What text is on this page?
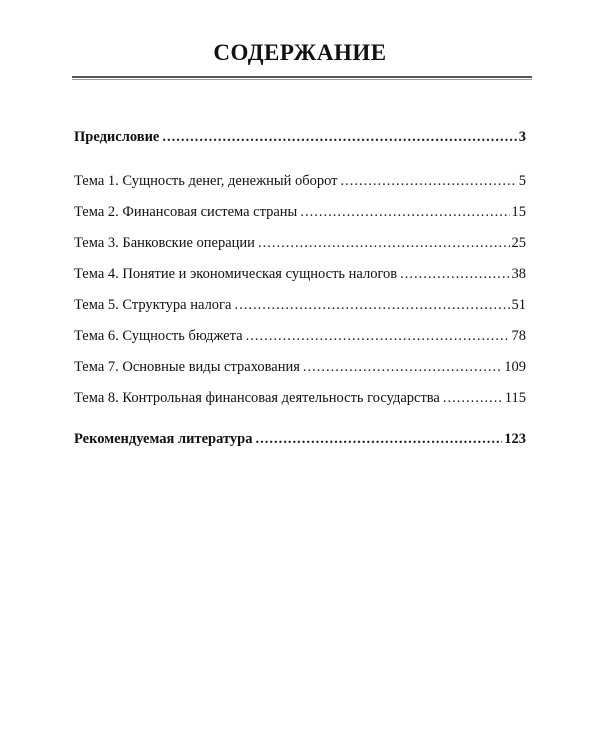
СОДЕРЖАНИЕ
Предисловие .....	3
Тема 1. Сущность денег, денежный оборот .....	5
Тема 2. Финансовая система страны .....	15
Тема 3. Банковские операции .....	25
Тема 4. Понятие и экономическая сущность налогов .....	38
Тема 5. Структура налога .....	51
Тема 6. Сущность бюджета .....	78
Тема 7. Основные виды страхования .....	109
Тема 8. Контрольная финансовая деятельность государства .....	115
Рекомендуемая литература .....	123
